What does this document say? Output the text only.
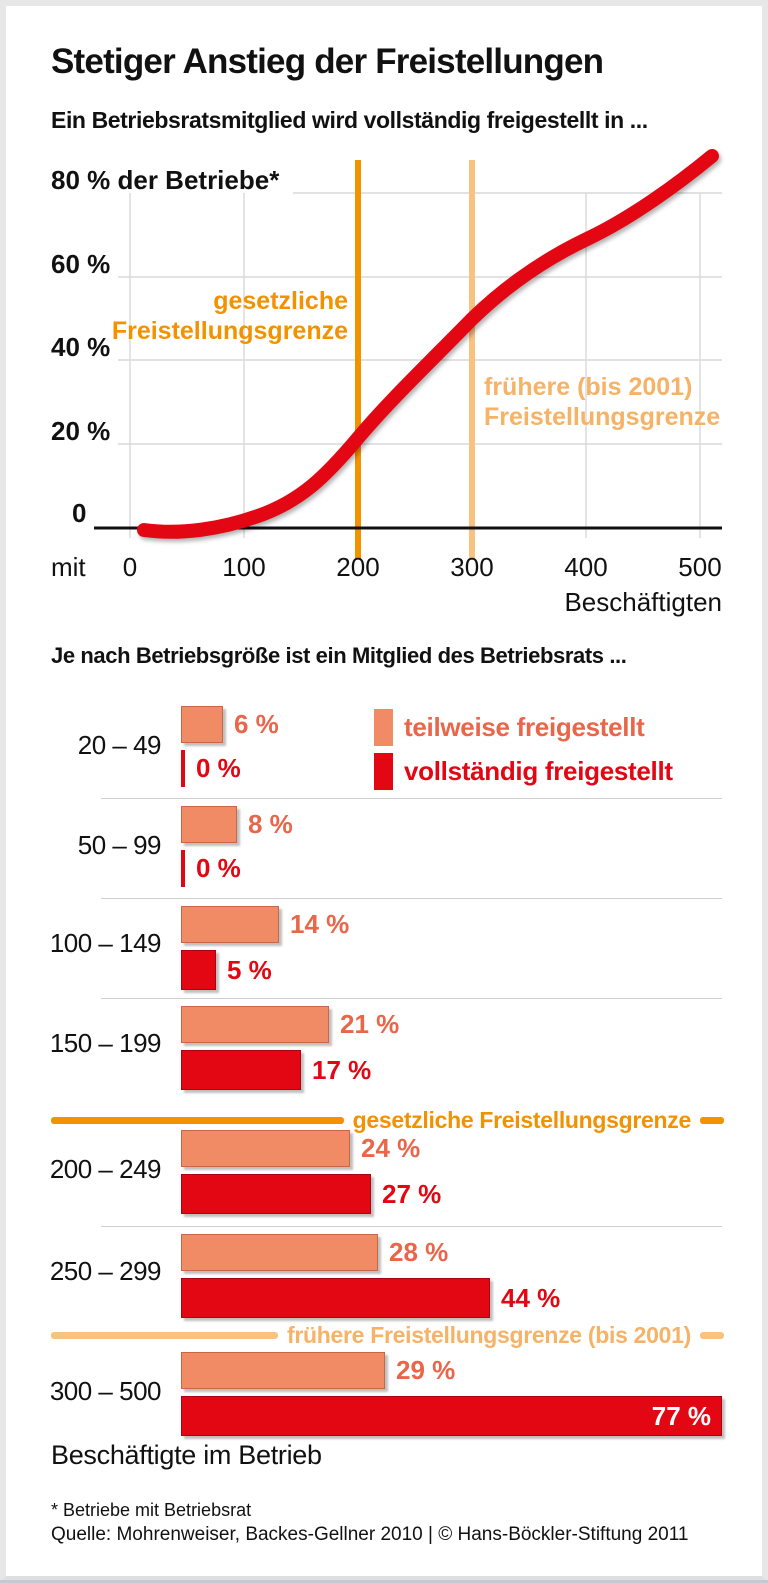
Stetiger Anstieg der Freistellungen
Ein Betriebsratsmitglied wird vollständig freigestellt in ...
80 % der Betriebe*
60 %
40 %
20 %
0
gesetzliche
Freistellungsgrenze
frühere (bis 2001)
Freistellungsgrenze
mit 0	100	200	300	400	500
Beschäftigten
Je nach Betriebsgröße ist ein Mitglied des Betriebsrats ...
teilweise freigestellt
vollständig freigestellt
20 – 49
6 %
0 %
50 – 99
8 %
0 %
100 – 149
14 %
5 %
150 – 199
21 %
17 %
gesetzliche Freistellungsgrenze
200 – 249
24 %
27 %
250 – 299
28 %
44 %
frühere Freistellungsgrenze (bis 2001)
300 – 500
29 %
77 %
Beschäftigte im Betrieb
* Betriebe mit Betriebsrat
Quelle: Mohrenweiser, Backes-Gellner 2010 | © Hans-Böckler-Stiftung 2011
